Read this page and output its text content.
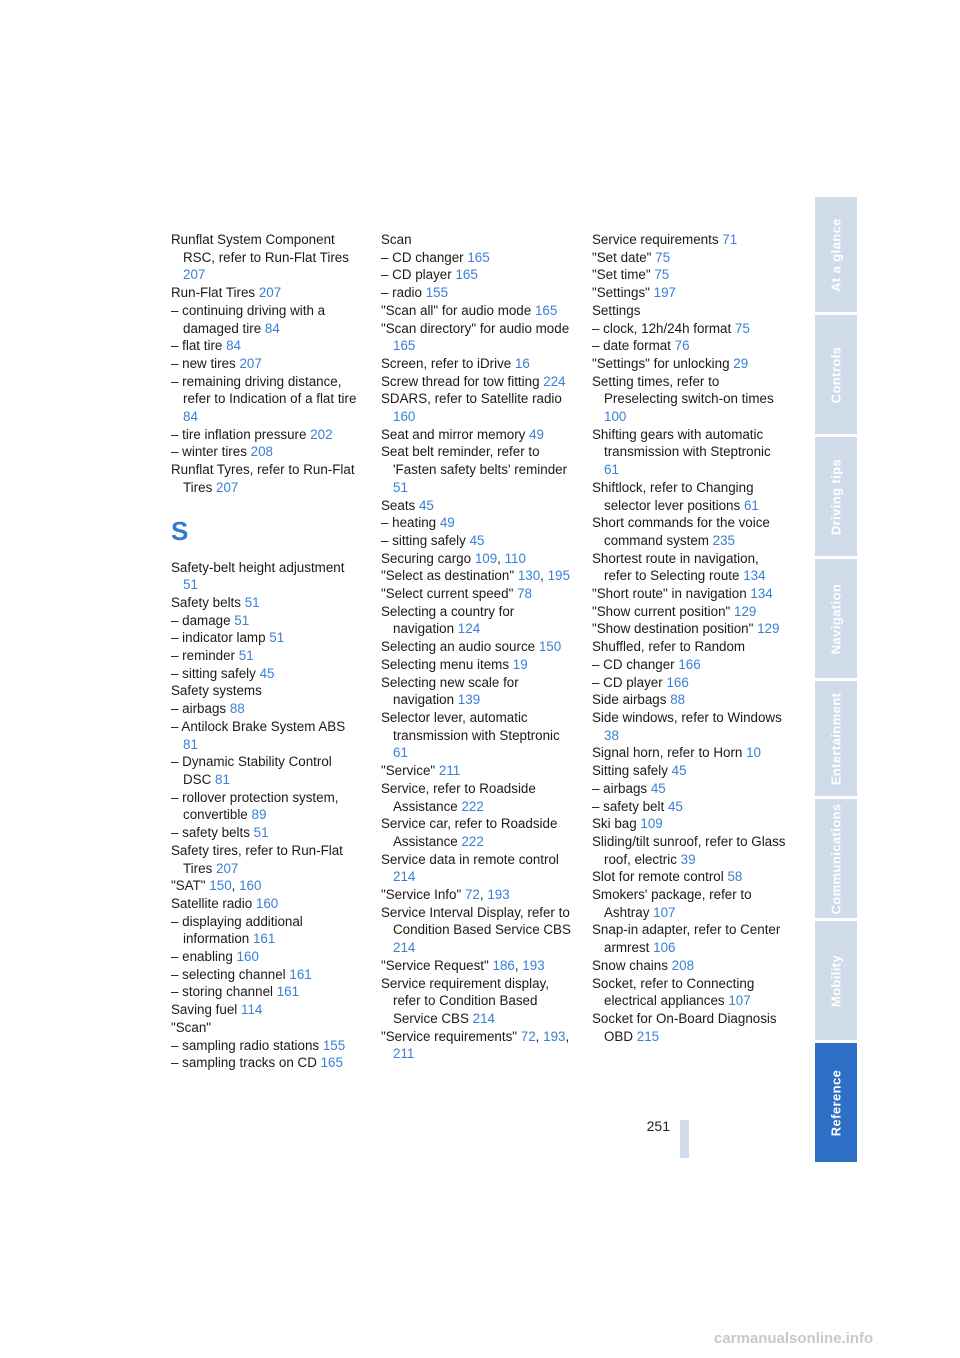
Runflat System Component RSC, refer to Run-Flat Tires 207
Run-Flat Tires 207
– continuing driving with a damaged tire 84
– flat tire 84
– new tires 207
– remaining driving distance, refer to Indication of a flat tire 84
– tire inflation pressure 202
– winter tires 208
Runflat Tyres, refer to Run-Flat Tires 207
S
Safety-belt height adjustment 51
Safety belts 51
– damage 51
– indicator lamp 51
– reminder 51
– sitting safely 45
Safety systems
– airbags 88
– Antilock Brake System ABS 81
– Dynamic Stability Control DSC 81
– rollover protection system, convertible 89
– safety belts 51
Safety tires, refer to Run-Flat Tires 207
"SAT" 150, 160
Satellite radio 160
– displaying additional information 161
– enabling 160
– selecting channel 161
– storing channel 161
Saving fuel 114
"Scan"
– sampling radio stations 155
– sampling tracks on CD 165
Scan
– CD changer 165
– CD player 165
– radio 155
"Scan all" for audio mode 165
"Scan directory" for audio mode 165
Screen, refer to iDrive 16
Screw thread for tow fitting 224
SDARS, refer to Satellite radio 160
Seat and mirror memory 49
Seat belt reminder, refer to 'Fasten safety belts' reminder 51
Seats 45
– heating 49
– sitting safely 45
Securing cargo 109, 110
"Select as destination" 130, 195
"Select current speed" 78
Selecting a country for navigation 124
Selecting an audio source 150
Selecting menu items 19
Selecting new scale for navigation 139
Selector lever, automatic transmission with Steptronic 61
"Service" 211
Service, refer to Roadside Assistance 222
Service car, refer to Roadside Assistance 222
Service data in remote control 214
"Service Info" 72, 193
Service Interval Display, refer to Condition Based Service CBS 214
"Service Request" 186, 193
Service requirement display, refer to Condition Based Service CBS 214
"Service requirements" 72, 193, 211
Service requirements 71
"Set date" 75
"Set time" 75
"Settings" 197
Settings
– clock, 12h/24h format 75
– date format 76
"Settings" for unlocking 29
Setting times, refer to Preselecting switch-on times 100
Shifting gears with automatic transmission with Steptronic 61
Shiftlock, refer to Changing selector lever positions 61
Short commands for the voice command system 235
Shortest route in navigation, refer to Selecting route 134
"Short route" in navigation 134
"Show current position" 129
"Show destination position" 129
Shuffled, refer to Random
– CD changer 166
– CD player 166
Side airbags 88
Side windows, refer to Windows 38
Signal horn, refer to Horn 10
Sitting safely 45
– airbags 45
– safety belt 45
Ski bag 109
Sliding/tilt sunroof, refer to Glass roof, electric 39
Slot for remote control 58
Smokers' package, refer to Ashtray 107
Snap-in adapter, refer to Center armrest 106
Snow chains 208
Socket, refer to Connecting electrical appliances 107
Socket for On-Board Diagnosis OBD 215
At a glance
Controls
Driving tips
Navigation
Entertainment
Communications
Mobility
Reference
251
carmanualsonline.info
